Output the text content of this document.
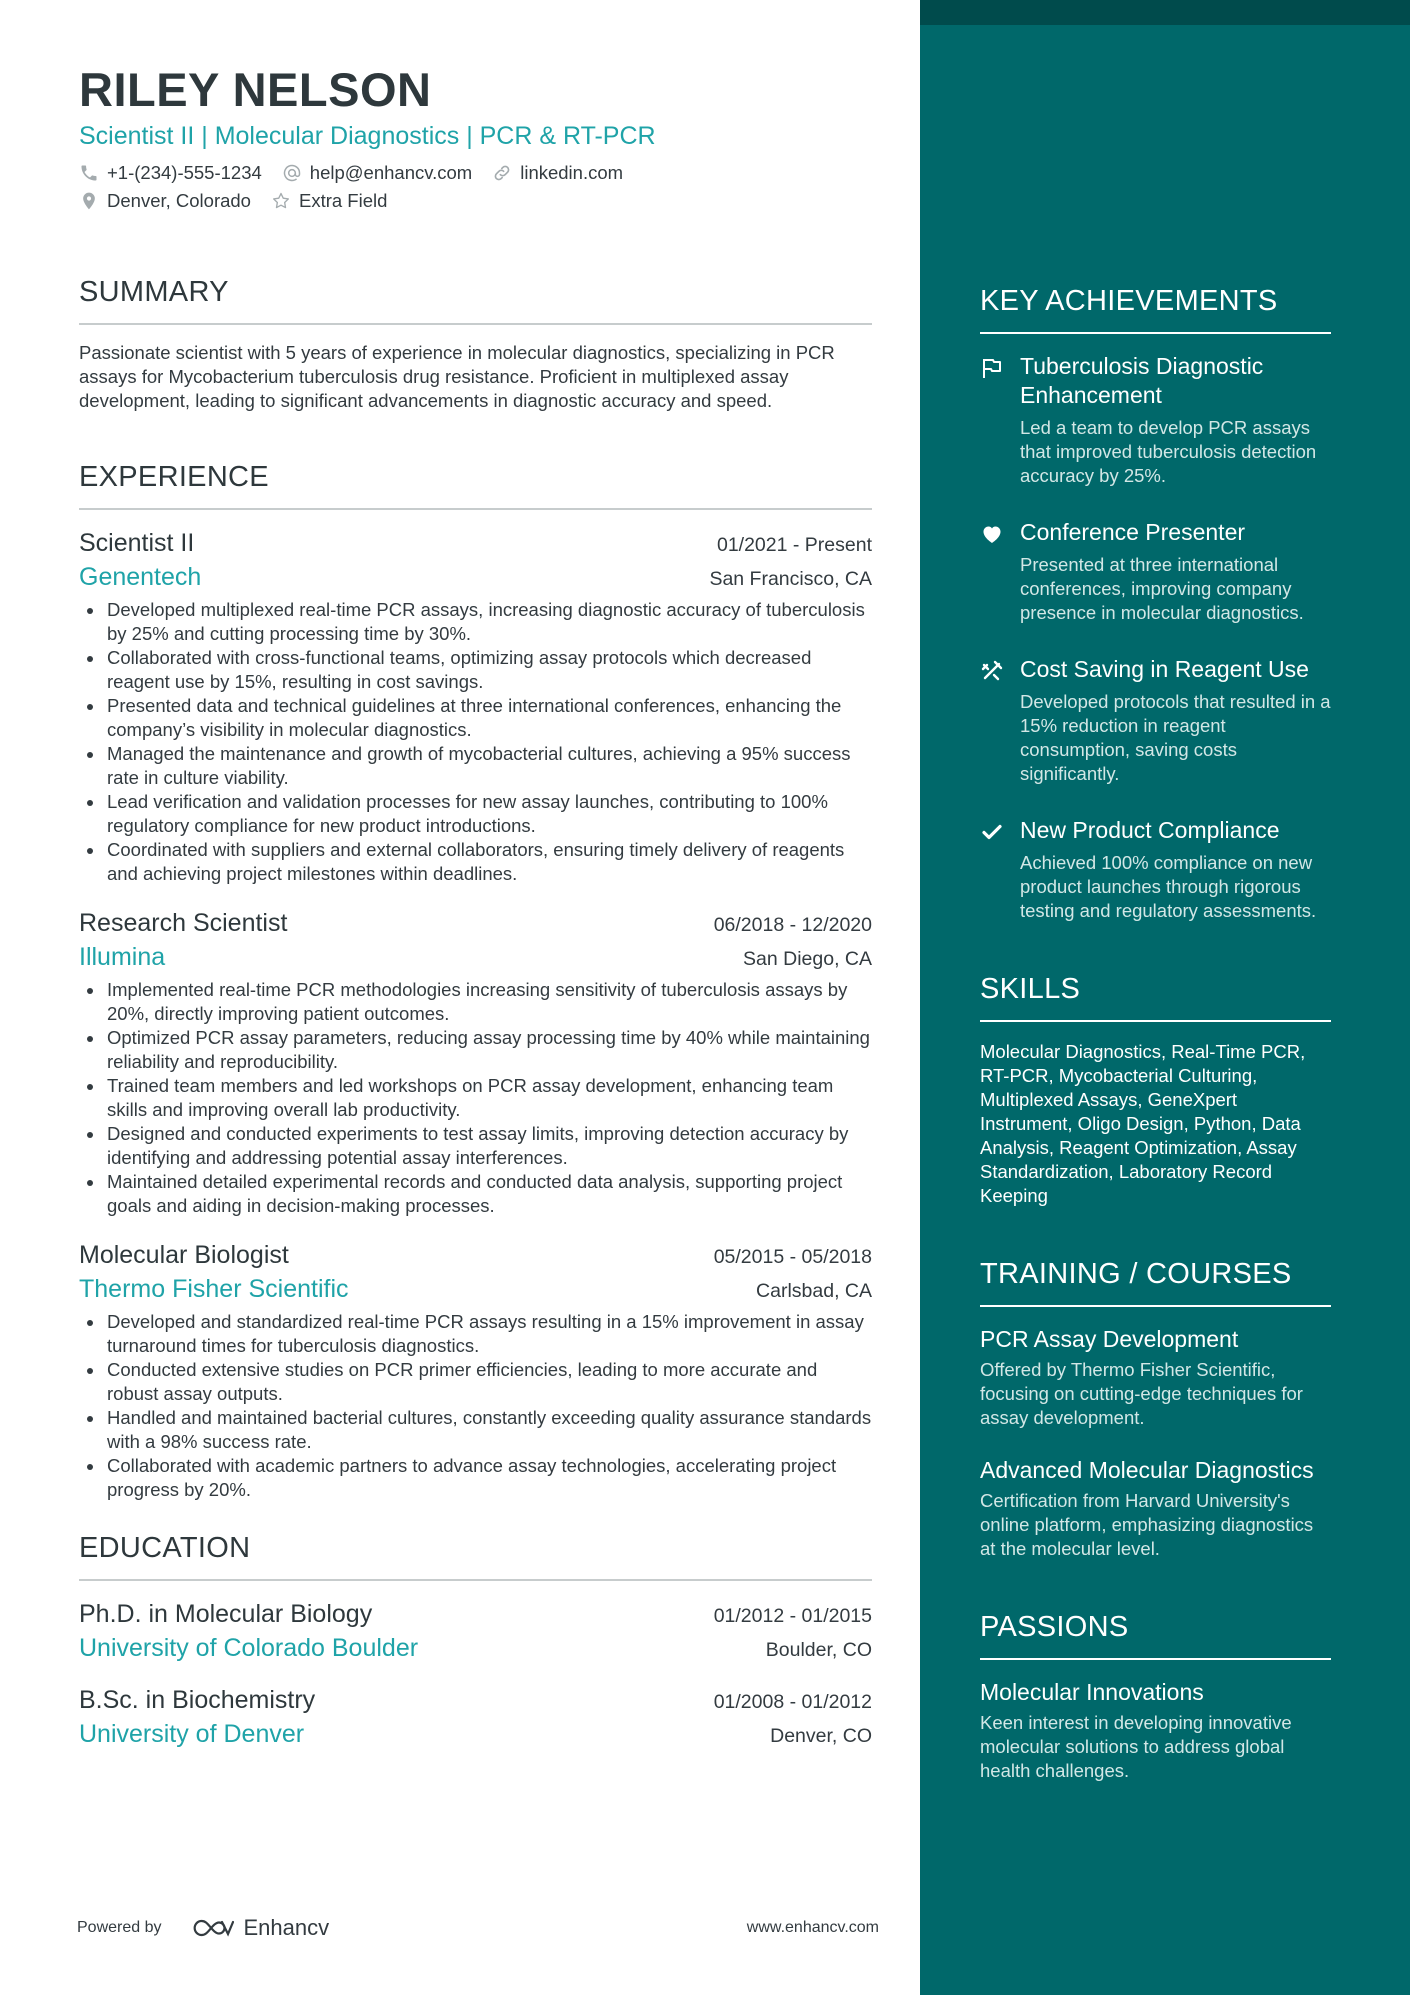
KEY ACHIEVEMENTS
Tuberculosis Diagnostic Enhancement
Led a team to develop PCR assays that improved tuberculosis detection accuracy by 25%.
Conference Presenter
Presented at three international conferences, improving company presence in molecular diagnostics.
Cost Saving in Reagent Use
Developed protocols that resulted in a 15% reduction in reagent consumption, saving costs significantly.
New Product Compliance
Achieved 100% compliance on new product launches through rigorous testing and regulatory assessments.
SKILLS
Molecular Diagnostics, Real-Time PCR, RT-PCR, Mycobacterial Culturing, Multiplexed Assays, GeneXpert Instrument, Oligo Design, Python, Data Analysis, Reagent Optimization, Assay Standardization, Laboratory Record Keeping
TRAINING / COURSES
PCR Assay Development
Offered by Thermo Fisher Scientific, focusing on cutting-edge techniques for assay development.
Advanced Molecular Diagnostics
Certification from Harvard University's online platform, emphasizing diagnostics at the molecular level.
PASSIONS
Molecular Innovations
Keen interest in developing innovative molecular solutions to address global health challenges.
RILEY NELSON
Scientist II | Molecular Diagnostics | PCR & RT-PCR
+1-(234)-555-1234	help@enhancv.com	linkedin.com
Denver, Colorado	Extra Field
SUMMARY
Passionate scientist with 5 years of experience in molecular diagnostics, specializing in PCR assays for Mycobacterium tuberculosis drug resistance. Proficient in multiplexed assay development, leading to significant advancements in diagnostic accuracy and speed.
EXPERIENCE
Scientist II	01/2021 - Present
Genentech	San Francisco, CA
Developed multiplexed real-time PCR assays, increasing diagnostic accuracy of tuberculosis by 25% and cutting processing time by 30%.
Collaborated with cross-functional teams, optimizing assay protocols which decreased reagent use by 15%, resulting in cost savings.
Presented data and technical guidelines at three international conferences, enhancing the company’s visibility in molecular diagnostics.
Managed the maintenance and growth of mycobacterial cultures, achieving a 95% success rate in culture viability.
Lead verification and validation processes for new assay launches, contributing to 100% regulatory compliance for new product introductions.
Coordinated with suppliers and external collaborators, ensuring timely delivery of reagents and achieving project milestones within deadlines.
Research Scientist	06/2018 - 12/2020
Illumina	San Diego, CA
Implemented real-time PCR methodologies increasing sensitivity of tuberculosis assays by 20%, directly improving patient outcomes.
Optimized PCR assay parameters, reducing assay processing time by 40% while maintaining reliability and reproducibility.
Trained team members and led workshops on PCR assay development, enhancing team skills and improving overall lab productivity.
Designed and conducted experiments to test assay limits, improving detection accuracy by identifying and addressing potential assay interferences.
Maintained detailed experimental records and conducted data analysis, supporting project goals and aiding in decision-making processes.
Molecular Biologist	05/2015 - 05/2018
Thermo Fisher Scientific	Carlsbad, CA
Developed and standardized real-time PCR assays resulting in a 15% improvement in assay turnaround times for tuberculosis diagnostics.
Conducted extensive studies on PCR primer efficiencies, leading to more accurate and robust assay outputs.
Handled and maintained bacterial cultures, constantly exceeding quality assurance standards with a 98% success rate.
Collaborated with academic partners to advance assay technologies, accelerating project progress by 20%.
EDUCATION
Ph.D. in Molecular Biology	01/2012 - 01/2015
University of Colorado Boulder	Boulder, CO
B.Sc. in Biochemistry	01/2008 - 01/2012
University of Denver	Denver, CO
Powered by	Enhancv	www.enhancv.com
